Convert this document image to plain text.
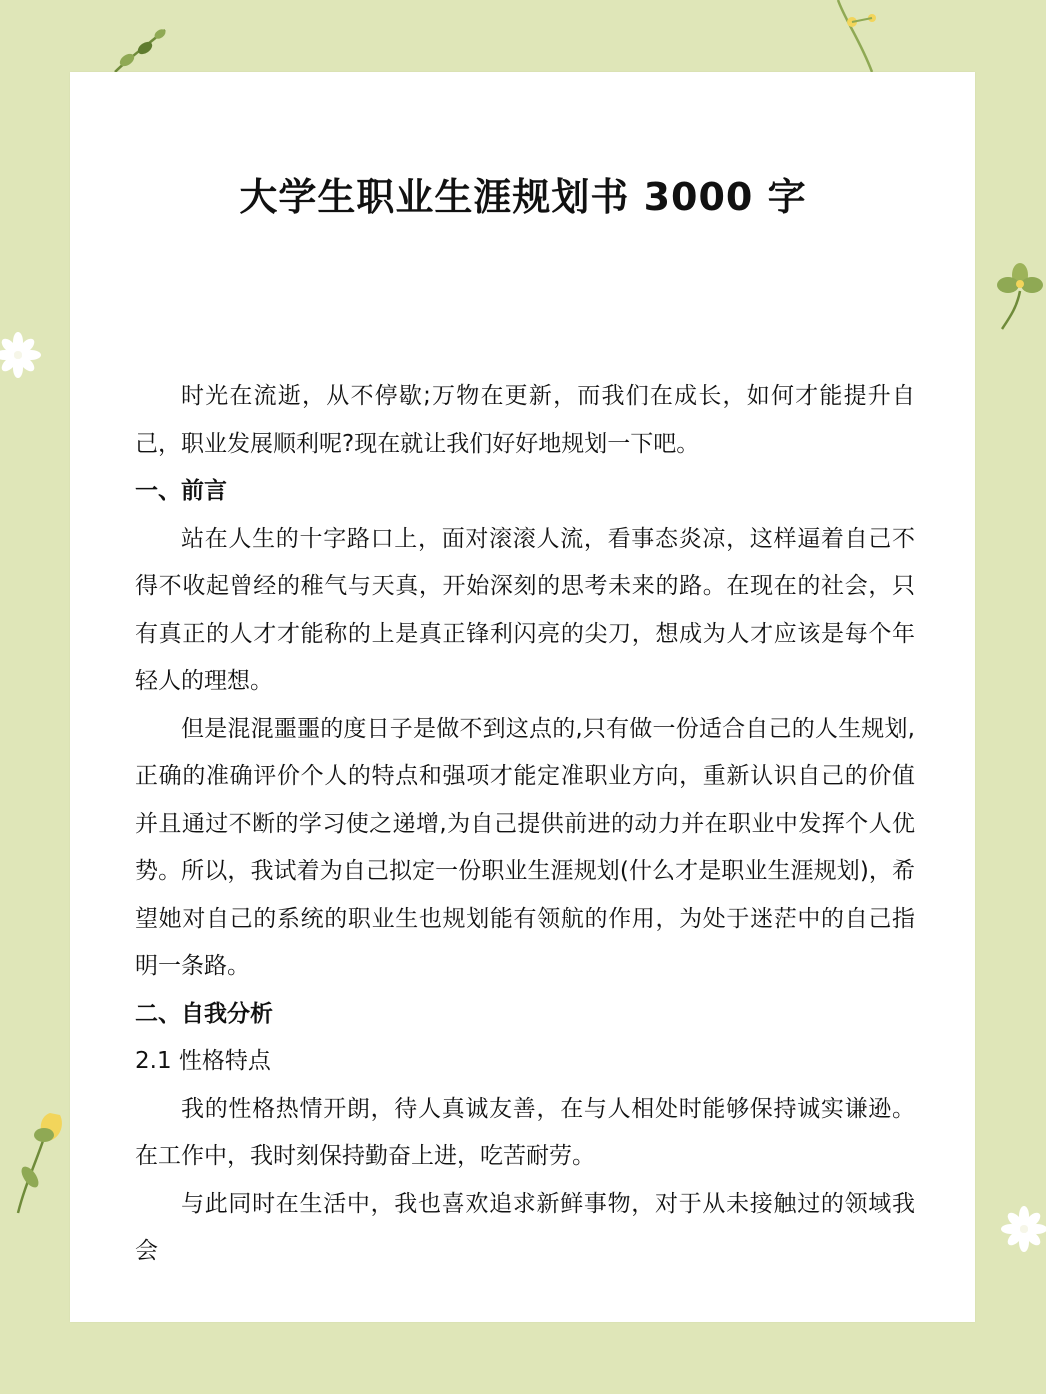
大学生职业生涯规划书 3000 字

时光在流逝，从不停歇;万物在更新，而我们在成长，如何才能提升自己，职业发展顺利呢?现在就让我们好好地规划一下吧。

一、前言

站在人生的十字路口上，面对滚滚人流，看事态炎凉，这样逼着自己不得不收起曾经的稚气与天真，开始深刻的思考未来的路。在现在的社会，只有真正的人才才能称的上是真正锋利闪亮的尖刀，想成为人才应该是每个年轻人的理想。

但是混混噩噩的度日子是做不到这点的,只有做一份适合自己的人生规划,正确的准确评价个人的特点和强项才能定准职业方向，重新认识自己的价值并且通过不断的学习使之递增,为自己提供前进的动力并在职业中发挥个人优势。所以，我试着为自己拟定一份职业生涯规划(什么才是职业生涯规划)，希望她对自己的系统的职业生也规划能有领航的作用，为处于迷茫中的自己指明一条路。

二、自我分析

2.1 性格特点

我的性格热情开朗，待人真诚友善，在与人相处时能够保持诚实谦逊。在工作中，我时刻保持勤奋上进，吃苦耐劳。

与此同时在生活中，我也喜欢追求新鲜事物，对于从未接触过的领域我会
